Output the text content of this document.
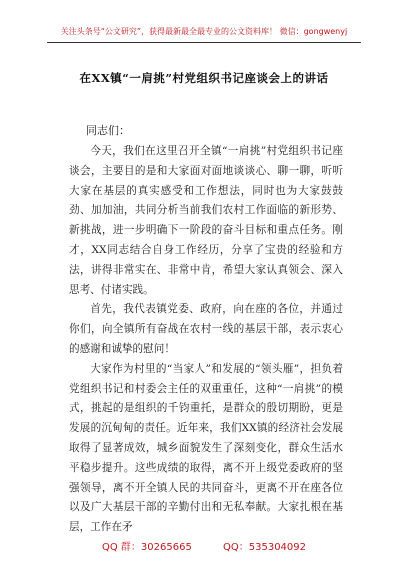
关注头条号“公文研究”，获得最新最全最专业的公文资料库！ 微信：gongwenyj
在XX镇“一肩挑”村党组织书记座谈会上的讲话
同志们：

今天，我们在这里召开全镇“一肩挑”村党组织书记座谈会，主要目的是和大家面对面地谈谈心、聊一聊，听听大家在基层的真实感受和工作想法，同时也为大家鼓鼓劲、加加油，共同分析当前我们农村工作面临的新形势、新挑战，进一步明确下一阶段的奋斗目标和重点任务。刚才，XX同志结合自身工作经历，分享了宝贵的经验和方法，讲得非常实在、非常中肯，希望大家认真领会、深入思考、付诸实践。

首先，我代表镇党委、政府，向在座的各位，并通过你们，向全镇所有奋战在农村一线的基层干部，表示衷心的感谢和诚挚的慰问！

大家作为村里的“当家人”和发展的“领头雁”，担负着党组织书记和村委会主任的双重重任，这种“一肩挑”的模式，挑起的是组织的千钧重托，是群众的殷切期盼，更是发展的沉甸甸的责任。近年来，我们XX镇的经济社会发展取得了显著成效，城乡面貌发生了深刻变化，群众生活水平稳步提升。这些成绩的取得，离不开上级党委政府的坚强领导，离不开全镇人民的共同奋斗，更离不开在座各位以及广大基层干部的辛勤付出和无私奉献。大家扎根在基层，工作在矛

QQ 群：30265665	QQ：535304092
